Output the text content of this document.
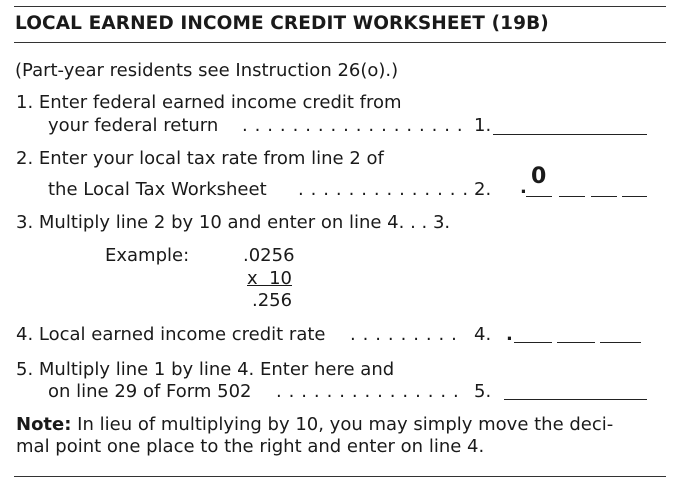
LOCAL EARNED INCOME CREDIT WORKSHEET (19B)
(Part-year residents see Instruction 26(o).)
1. Enter federal earned income credit from
your federal return . . . . . . . . . . . . . . . . . . 1.
2. Enter your local tax rate from line 2 of
the Local Tax Worksheet . . . . . . . . . . . . . . 2. . 0
3. Multiply line 2 by 10 and enter on line 4. . . 3.
Example:	.0256
x  10
.256
4. Local earned income credit rate . . . . . . . . . 4. .
5. Multiply line 1 by line 4. Enter here and
on line 29 of Form 502 . . . . . . . . . . . . . . . 5.
Note: In lieu of multiplying by 10, you may simply move the deci-
mal point one place to the right and enter on line 4.
